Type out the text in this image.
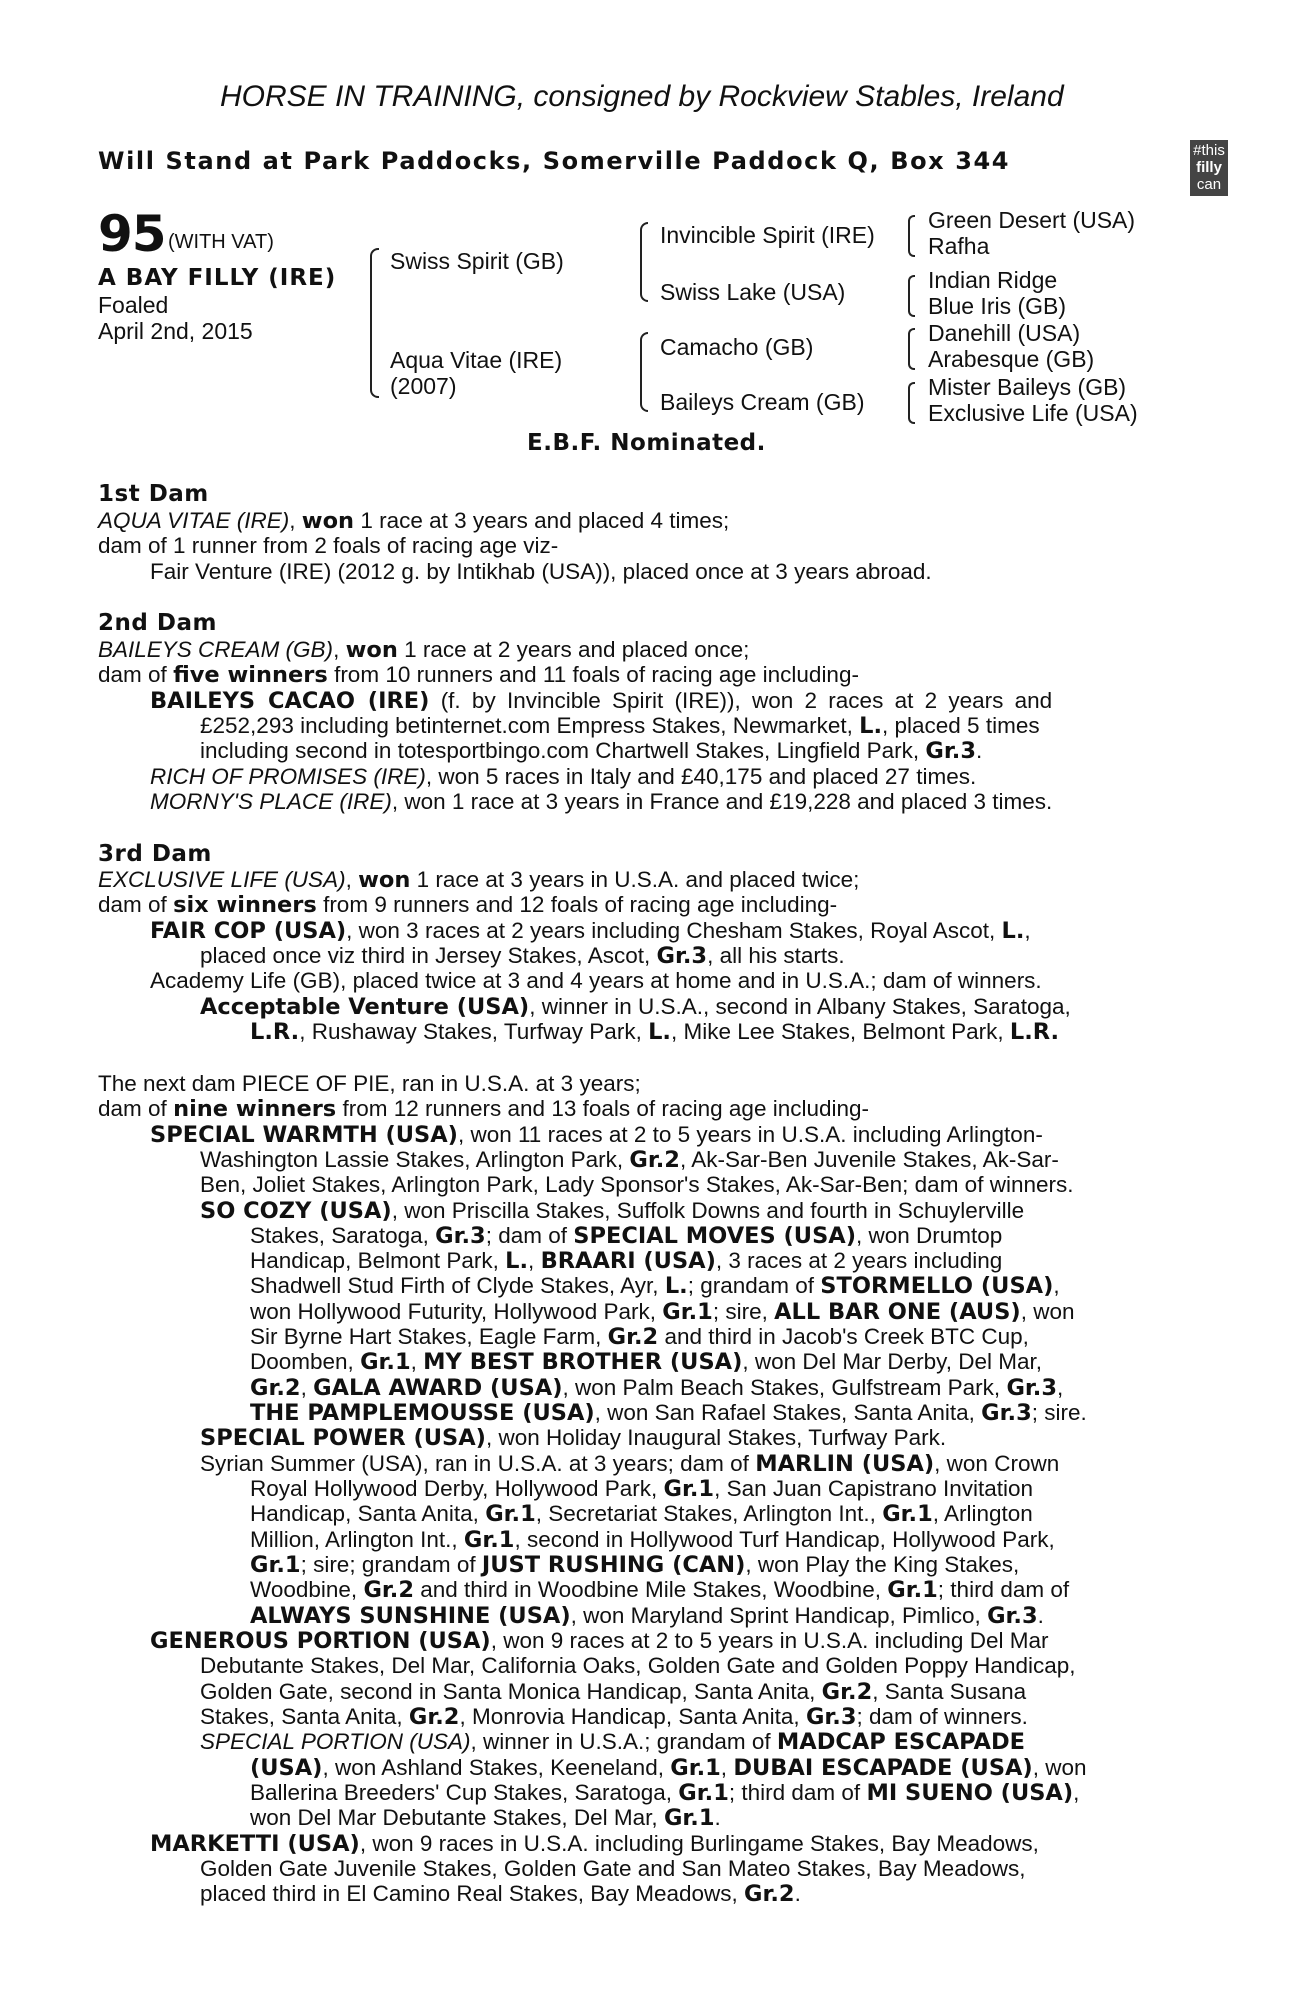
HORSE IN TRAINING, consigned by Rockview Stables, Ireland
Will Stand at Park Paddocks, Somerville Paddock Q, Box 344	#this
filly
can
95 (WITH VAT)
A BAY FILLY (IRE)
Foaled
April 2nd, 2015
Swiss Spirit (GB)
Aqua Vitae (IRE)
(2007)
Invincible Spirit (IRE)
Swiss Lake (USA)
Camacho (GB)
Baileys Cream (GB)
Green Desert (USA)
Rafha
Indian Ridge
Blue Iris (GB)
Danehill (USA)
Arabesque (GB)
Mister Baileys (GB)
Exclusive Life (USA)
E.B.F. Nominated.
1st Dam
AQUA VITAE (IRE), won 1 race at 3 years and placed 4 times;
dam of 1 runner from 2 foals of racing age viz-
Fair Venture (IRE) (2012 g. by Intikhab (USA)), placed once at 3 years abroad.
2nd Dam
BAILEYS CREAM (GB), won 1 race at 2 years and placed once;
dam of five winners from 10 runners and 11 foals of racing age including-
BAILEYS CACAO (IRE) (f. by Invincible Spirit (IRE)), won 2 races at 2 years and
£252,293 including betinternet.com Empress Stakes, Newmarket, L., placed 5 times
including second in totesportbingo.com Chartwell Stakes, Lingfield Park, Gr.3.
RICH OF PROMISES (IRE), won 5 races in Italy and £40,175 and placed 27 times.
MORNY'S PLACE (IRE), won 1 race at 3 years in France and £19,228 and placed 3 times.
3rd Dam
EXCLUSIVE LIFE (USA), won 1 race at 3 years in U.S.A. and placed twice;
dam of six winners from 9 runners and 12 foals of racing age including-
FAIR COP (USA), won 3 races at 2 years including Chesham Stakes, Royal Ascot, L.,
placed once viz third in Jersey Stakes, Ascot, Gr.3, all his starts.
Academy Life (GB), placed twice at 3 and 4 years at home and in U.S.A.; dam of winners.
Acceptable Venture (USA), winner in U.S.A., second in Albany Stakes, Saratoga,
L.R., Rushaway Stakes, Turfway Park, L., Mike Lee Stakes, Belmont Park, L.R.
The next dam PIECE OF PIE, ran in U.S.A. at 3 years;
dam of nine winners from 12 runners and 13 foals of racing age including-
SPECIAL WARMTH (USA), won 11 races at 2 to 5 years in U.S.A. including Arlington-
Washington Lassie Stakes, Arlington Park, Gr.2, Ak-Sar-Ben Juvenile Stakes, Ak-Sar-
Ben, Joliet Stakes, Arlington Park, Lady Sponsor's Stakes, Ak-Sar-Ben; dam of winners.
SO COZY (USA), won Priscilla Stakes, Suffolk Downs and fourth in Schuylerville
Stakes, Saratoga, Gr.3; dam of SPECIAL MOVES (USA), won Drumtop
Handicap, Belmont Park, L., BRAARI (USA), 3 races at 2 years including
Shadwell Stud Firth of Clyde Stakes, Ayr, L.; grandam of STORMELLO (USA),
won Hollywood Futurity, Hollywood Park, Gr.1; sire, ALL BAR ONE (AUS), won
Sir Byrne Hart Stakes, Eagle Farm, Gr.2 and third in Jacob's Creek BTC Cup,
Doomben, Gr.1, MY BEST BROTHER (USA), won Del Mar Derby, Del Mar,
Gr.2, GALA AWARD (USA), won Palm Beach Stakes, Gulfstream Park, Gr.3,
THE PAMPLEMOUSSE (USA), won San Rafael Stakes, Santa Anita, Gr.3; sire.
SPECIAL POWER (USA), won Holiday Inaugural Stakes, Turfway Park.
Syrian Summer (USA), ran in U.S.A. at 3 years; dam of MARLIN (USA), won Crown
Royal Hollywood Derby, Hollywood Park, Gr.1, San Juan Capistrano Invitation
Handicap, Santa Anita, Gr.1, Secretariat Stakes, Arlington Int., Gr.1, Arlington
Million, Arlington Int., Gr.1, second in Hollywood Turf Handicap, Hollywood Park,
Gr.1; sire; grandam of JUST RUSHING (CAN), won Play the King Stakes,
Woodbine, Gr.2 and third in Woodbine Mile Stakes, Woodbine, Gr.1; third dam of
ALWAYS SUNSHINE (USA), won Maryland Sprint Handicap, Pimlico, Gr.3.
GENEROUS PORTION (USA), won 9 races at 2 to 5 years in U.S.A. including Del Mar
Debutante Stakes, Del Mar, California Oaks, Golden Gate and Golden Poppy Handicap,
Golden Gate, second in Santa Monica Handicap, Santa Anita, Gr.2, Santa Susana
Stakes, Santa Anita, Gr.2, Monrovia Handicap, Santa Anita, Gr.3; dam of winners.
SPECIAL PORTION (USA), winner in U.S.A.; grandam of MADCAP ESCAPADE
(USA), won Ashland Stakes, Keeneland, Gr.1, DUBAI ESCAPADE (USA), won
Ballerina Breeders' Cup Stakes, Saratoga, Gr.1; third dam of MI SUENO (USA),
won Del Mar Debutante Stakes, Del Mar, Gr.1.
MARKETTI (USA), won 9 races in U.S.A. including Burlingame Stakes, Bay Meadows,
Golden Gate Juvenile Stakes, Golden Gate and San Mateo Stakes, Bay Meadows,
placed third in El Camino Real Stakes, Bay Meadows, Gr.2.
